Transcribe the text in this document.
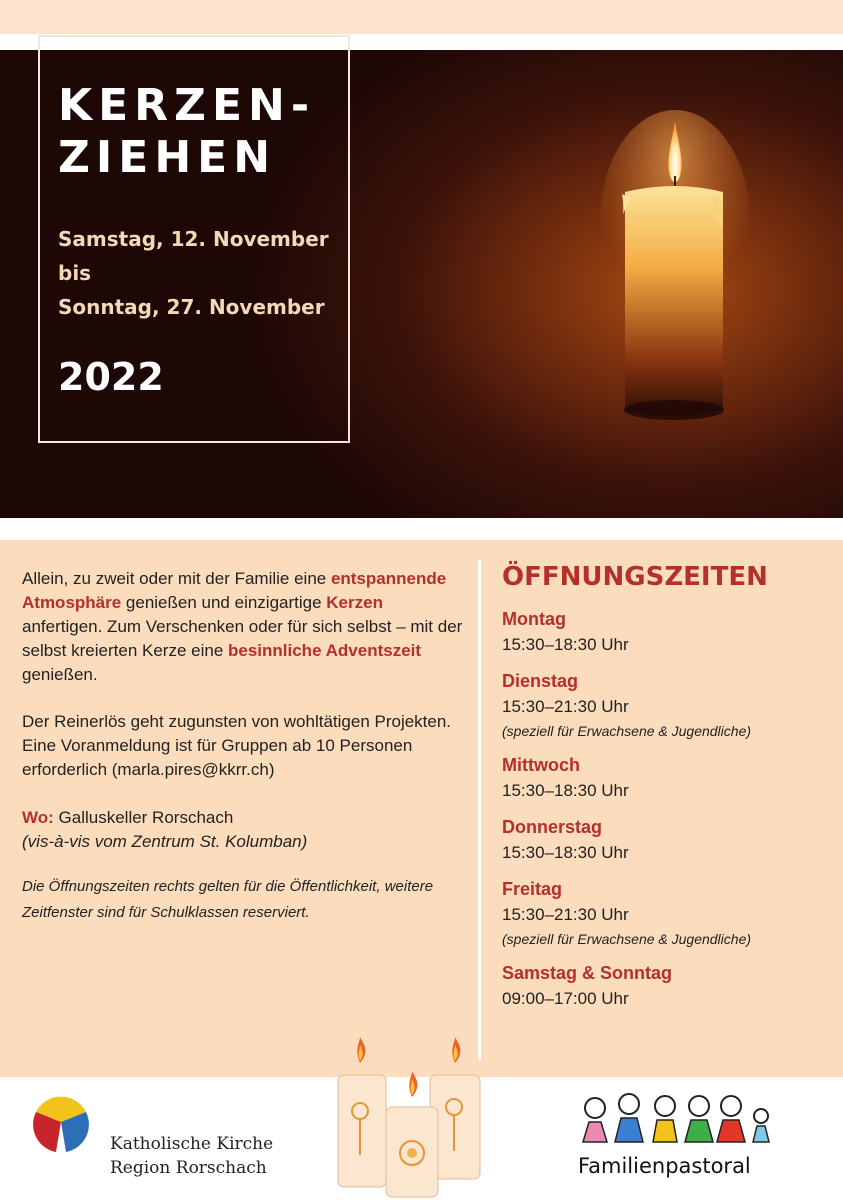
KERZEN-
ZIEHEN
Samstag, 12. November
bis
Sonntag, 27. November
2022

Allein, zu zweit oder mit der Familie eine entspannende Atmosphäre genießen und einzigartige Kerzen anfertigen. Zum Verschenken oder für sich selbst – mit der selbst kreierten Kerze eine besinnliche Adventszeit genießen.

Der Reinerlös geht zugunsten von wohltätigen Projekten. Eine Voranmeldung ist für Gruppen ab 10 Personen erforderlich (marla.pires@kkrr.ch)

Wo: Galluskeller Rorschach

(vis-à-vis vom Zentrum St. Kolumban)

Die Öffnungszeiten rechts gelten für die Öffentlichkeit, weitere Zeitfenster sind für Schulklassen reserviert.

ÖFFNUNGSZEITEN
Montag
15:30–18:30 Uhr
Dienstag
15:30–21:30 Uhr
(speziell für Erwachsene & Jugendliche)
Mittwoch
15:30–18:30 Uhr
Donnerstag
15:30–18:30 Uhr
Freitag
15:30–21:30 Uhr
(speziell für Erwachsene & Jugendliche)
Samstag & Sonntag
09:00–17:00 Uhr
Katholische Kirche
Region Rorschach	Familienpastoral
